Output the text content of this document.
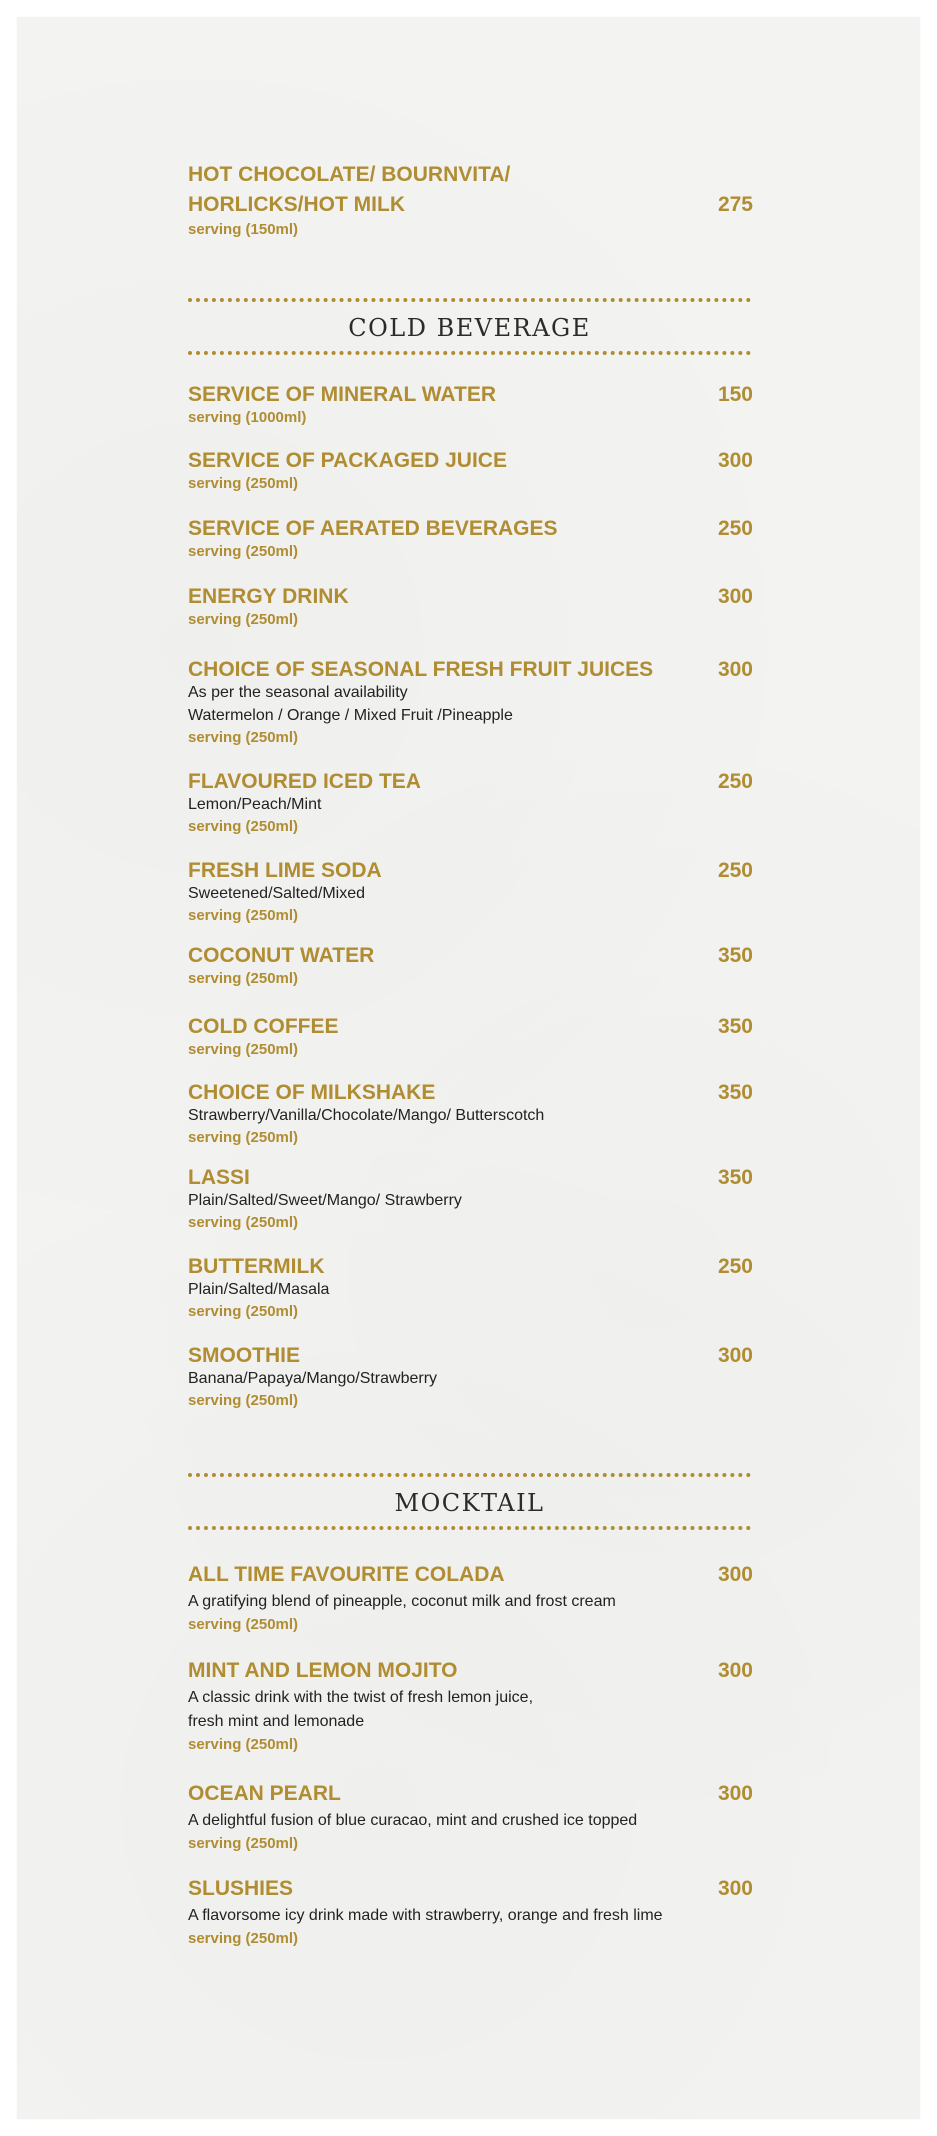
HOT CHOCOLATE/ BOURNVITA/
HORLICKS/HOT MILK	275
serving (150ml)
COLD BEVERAGE
SERVICE OF MINERAL WATER	150
serving (1000ml)
SERVICE OF PACKAGED JUICE	300
serving (250ml)
SERVICE OF AERATED BEVERAGES	250
serving (250ml)
ENERGY DRINK	300
serving (250ml)
CHOICE OF SEASONAL FRESH FRUIT JUICES	300
As per the seasonal availability
Watermelon / Orange / Mixed Fruit /Pineapple
serving (250ml)
FLAVOURED ICED TEA	250
Lemon/Peach/Mint
serving (250ml)
FRESH LIME SODA	250
Sweetened/Salted/Mixed
serving (250ml)
COCONUT WATER	350
serving (250ml)
COLD COFFEE	350
serving (250ml)
CHOICE OF MILKSHAKE	350
Strawberry/Vanilla/Chocolate/Mango/ Butterscotch
serving (250ml)
LASSI	350
Plain/Salted/Sweet/Mango/ Strawberry
serving (250ml)
BUTTERMILK	250
Plain/Salted/Masala
serving (250ml)
SMOOTHIE	300
Banana/Papaya/Mango/Strawberry
serving (250ml)
MOCKTAIL
ALL TIME FAVOURITE COLADA	300
A gratifying blend of pineapple, coconut milk and frost cream
serving (250ml)
MINT AND LEMON MOJITO	300
A classic drink with the twist of fresh lemon juice,
fresh mint and lemonade
serving (250ml)
OCEAN PEARL	300
A delightful fusion of blue curacao, mint and crushed ice topped
serving (250ml)
SLUSHIES	300
A flavorsome icy drink made with strawberry, orange and fresh lime
serving (250ml)
